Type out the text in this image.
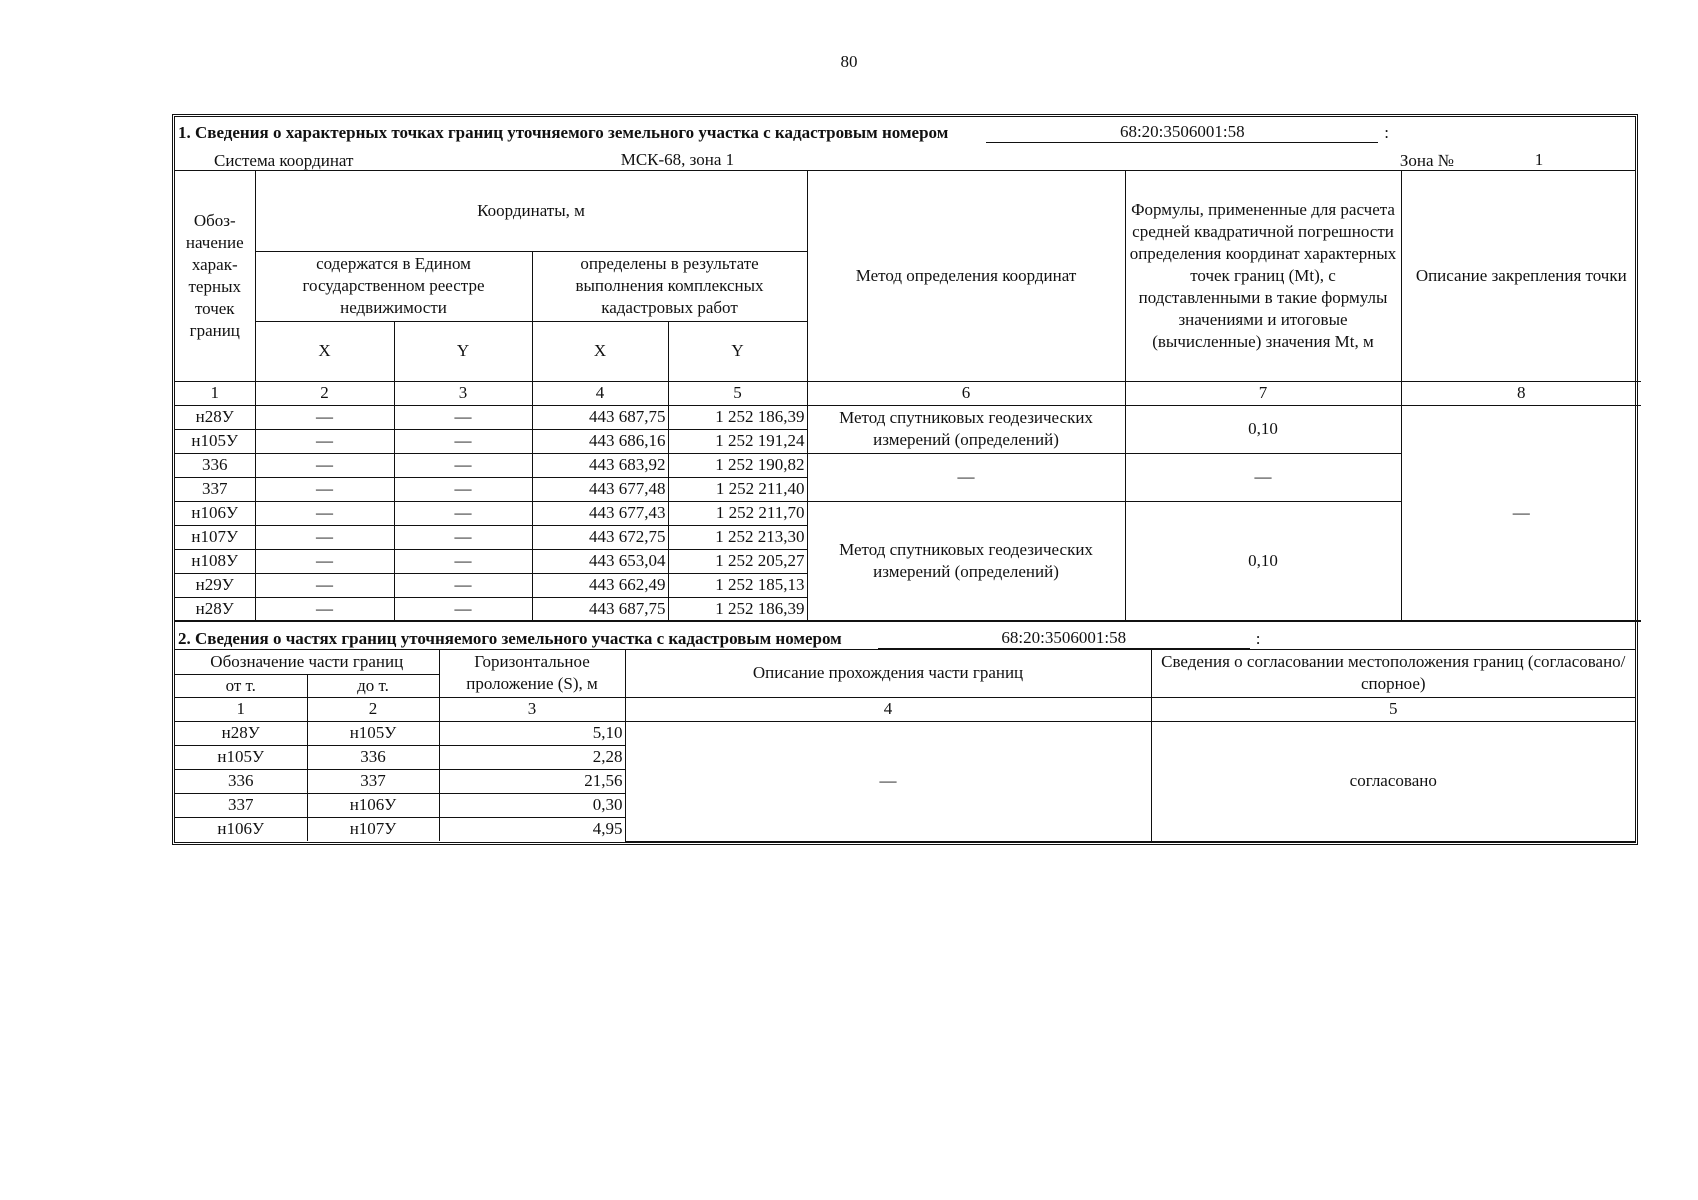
80
1. Сведения о характерных точках границ уточняемого земельного участка с кадастровым номером	68:20:3506001:58	:
Система координат	МСК-68, зона 1	Зона №	1
Обоз-начение харак-терных точек границ	Координаты, м				Метод определения координат	Формулы, примененные для расчета средней квадратичной погрешности определения координат характерных точек границ (Mt), с подставленными в такие формулы значениями и итоговые (вычисленные) значения Mt, м	Описание закрепления точки
	содержатся в Едином государственном реестре недвижимости		определены в результате выполнения комплексных кадастровых работ				
	X	Y	X	Y			
1	2	3	4	5	6	7	8
н28У	—	—	443 687,75	1 252 186,39	Метод спутниковых геодезических измерений (определений)	0,10	—
н105У	—	—	443 686,16	1 252 191,24			
336	—	—	443 683,92	1 252 190,82	—	—	
337	—	—	443 677,48	1 252 211,40			
н106У	—	—	443 677,43	1 252 211,70	Метод спутниковых геодезических измерений (определений)	0,10	
н107У	—	—	443 672,75	1 252 213,30			
н108У	—	—	443 653,04	1 252 205,27			
н29У	—	—	443 662,49	1 252 185,13			
н28У	—	—	443 687,75	1 252 186,39			
2. Сведения о частях границ уточняемого земельного участка с кадастровым номером	68:20:3506001:58	:
Обозначение части границ		Горизонтальное проложение (S), м	Описание прохождения части границ	Сведения о согласовании местоположения границ (согласовано/спорное)
от т.	до т.			
1	2	3	4	5
н28У	н105У	5,10	—	согласовано
н105У	336	2,28		
336	337	21,56		
337	н106У	0,30		
н106У	н107У	4,95		
